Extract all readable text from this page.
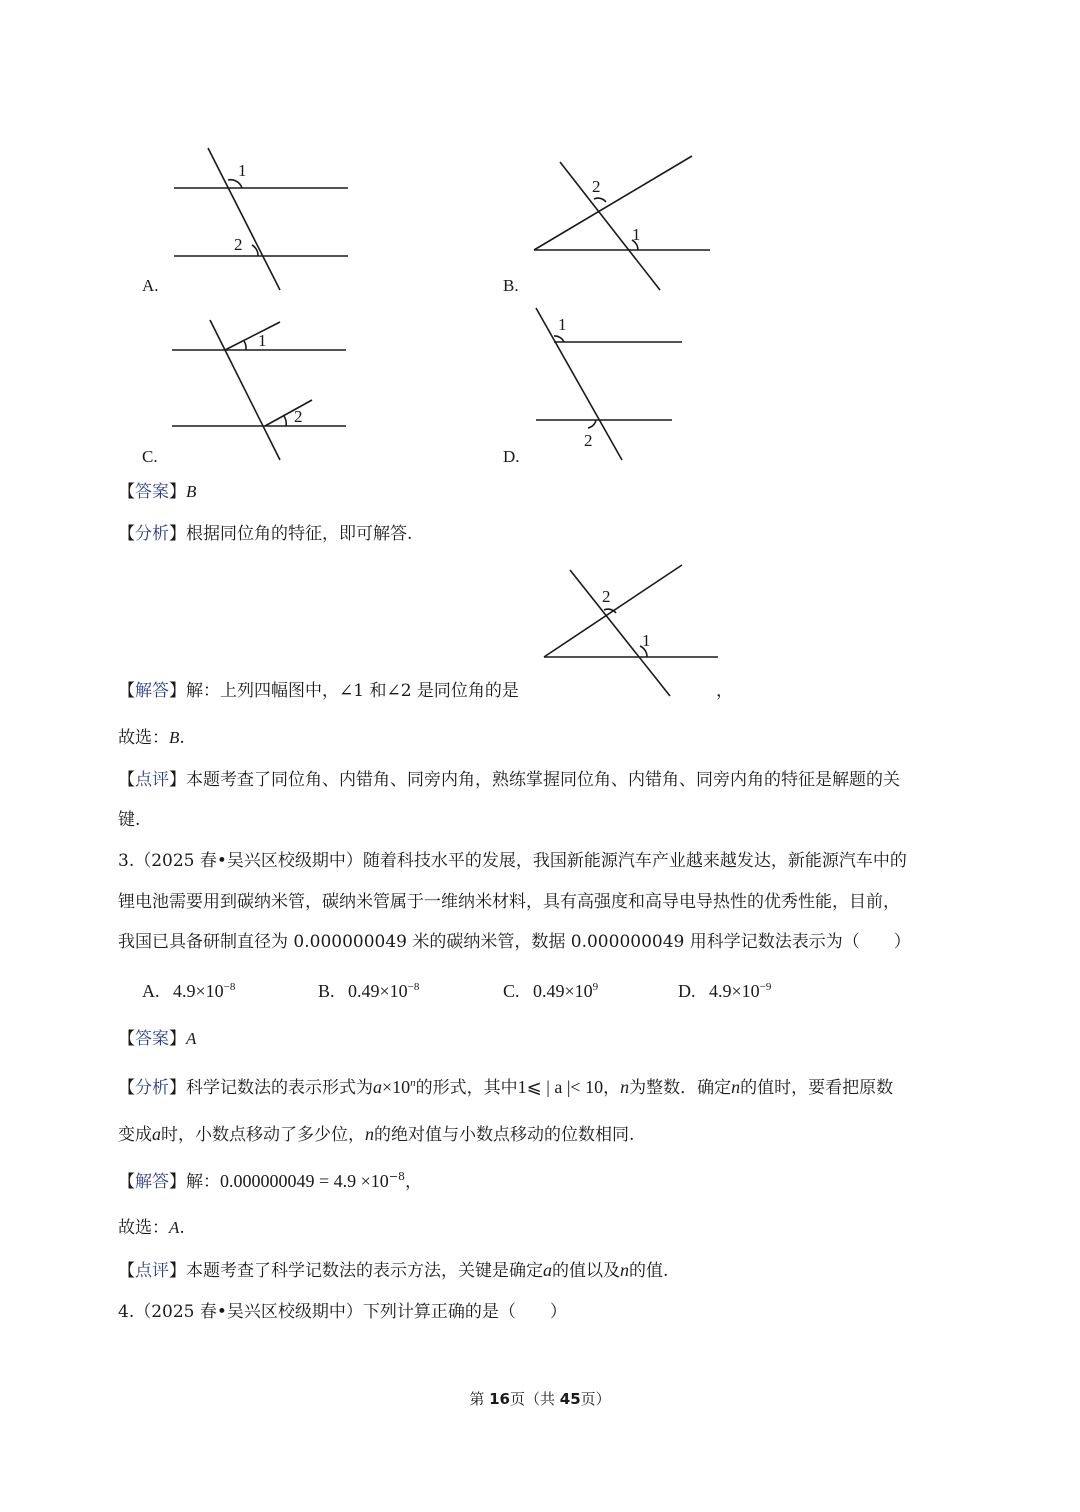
1
2
A.
2
1
B.
1
2
C.
1
2
D.
【答案】B
【分析】根据同位角的特征，即可解答.
2
1
【解答】解：上列四幅图中，∠1 和∠2 是同位角的是	，
故选：B.
【点评】本题考查了同位角、内错角、同旁内角，熟练掌握同位角、内错角、同旁内角的特征是解题的关
键.
3.（2025 春•吴兴区校级期中）随着科技水平的发展，我国新能源汽车产业越来越发达，新能源汽车中的
锂电池需要用到碳纳米管，碳纳米管属于一维纳米材料，具有高强度和高导电导热性的优秀性能，目前，
我国已具备研制直径为 0.000000049 米的碳纳米管，数据 0.000000049 用科学记数法表示为（　　）
A. $4.9\times 10^{-8}$	B. $0.49\times 10^{-8}$	C. $0.49\times 10^9$	D. $4.9\times 10^{-9}$
【答案】A
【分析】科学记数法的表示形式为$a\times 10^n$的形式，其中1⩽ | a |< 10，n为整数．确定n的值时，要看把原数
变成a时，小数点移动了多少位，n的绝对值与小数点移动的位数相同.
【解答】解：$0.000000049 = 4.9 \times 10^{-8}$，
故选：A.
【点评】本题考查了科学记数法的表示方法，关键是确定a的值以及n的值.
4.（2025 春•吴兴区校级期中）下列计算正确的是（　　）
第 16页（共 45页）
